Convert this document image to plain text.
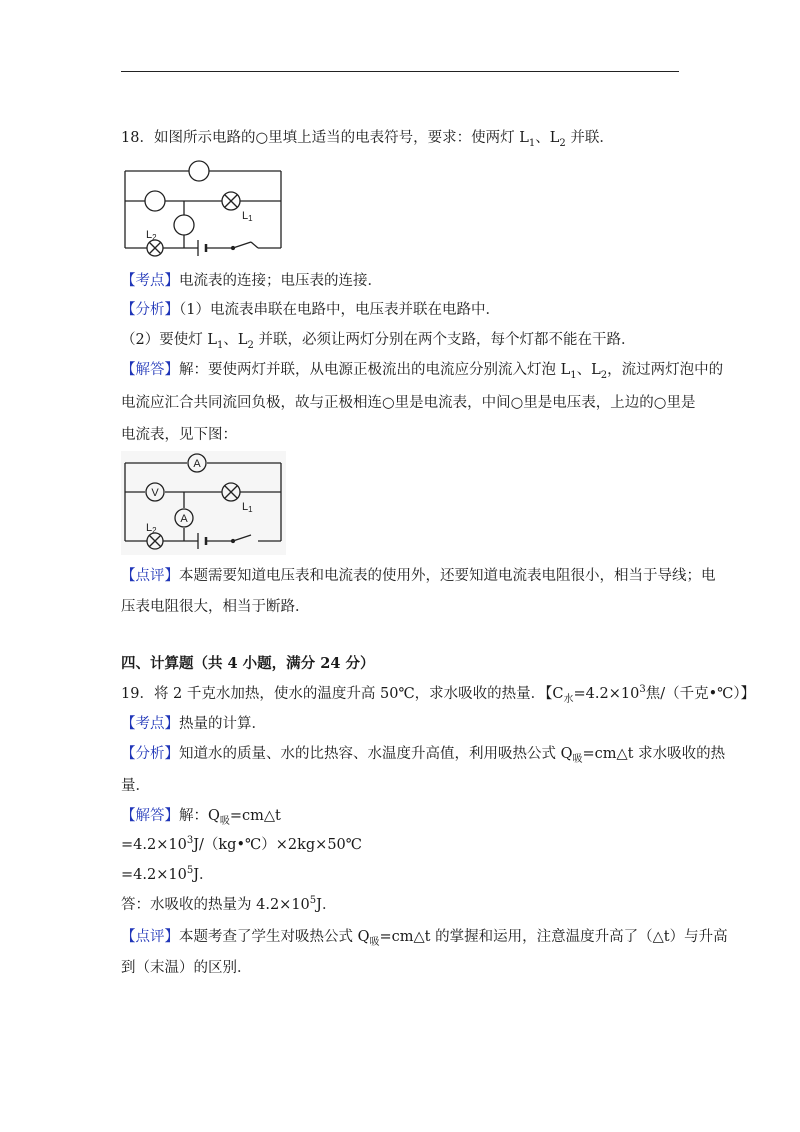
18．如图所示电路的○里填上适当的电表符号，要求：使两灯 $L_1$、$L_2$ 并联．
L1
L2
【考点】电流表的连接；电压表的连接．
【分析】（1）电流表串联在电路中，电压表并联在电路中．
（2）要使灯 $L_1$、$L_2$ 并联，必须让两灯分别在两个支路，每个灯都不能在干路．
【解答】解：要使两灯并联，从电源正极流出的电流应分别流入灯泡 $L_1$、$L_2$，流过两灯泡中的
电流应汇合共同流回负极，故与正极相连○里是电流表，中间○里是电压表，上边的○里是
电流表，见下图：
A
V
A
L1
L2
【点评】本题需要知道电压表和电流表的使用外，还要知道电流表电阻很小，相当于导线；电
压表电阻很大，相当于断路．
四、计算题（共 4 小题，满分 24 分）
19．将 2 千克水加热，使水的温度升高 50℃，求水吸收的热量．【$C_水=4.2\times 10^3$焦/（千克•℃）】
【考点】热量的计算．
【分析】知道水的质量、水的比热容、水温度升高值，利用吸热公式 $Q_吸=cm\triangle t$ 求水吸收的热
量．
【解答】解：$Q_吸=cm\triangle t$
$=4.2\times 10^3J/(kg•℃)\times 2kg\times 50℃$
$=4.2\times 10^5J$．
答：水吸收的热量为 $4.2\times 10^5J$．
【点评】本题考查了学生对吸热公式 $Q_吸=cm\triangle t$ 的掌握和运用，注意温度升高了（△t）与升高
到（末温）的区别．
